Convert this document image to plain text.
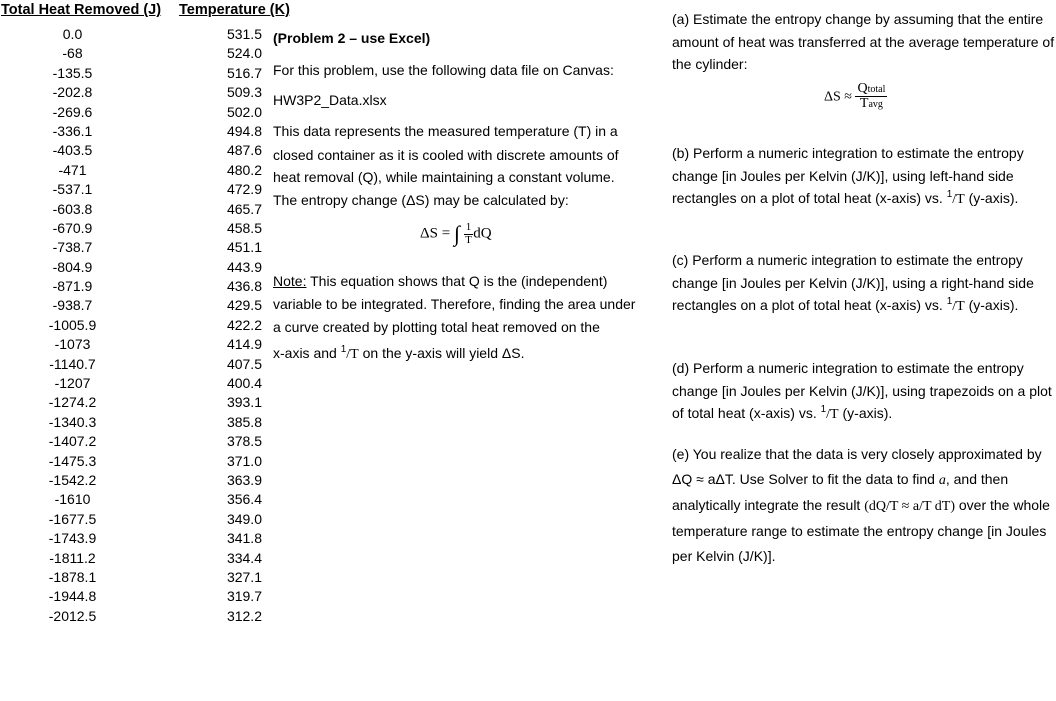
Total Heat Removed (J) Temperature (K)
0.0
-68
-135.5
-202.8
-269.6
-336.1
-403.5
-471
-537.1
-603.8
-670.9
-738.7
-804.9
-871.9
-938.7
-1005.9
-1073
-1140.7
-1207
-1274.2
-1340.3
-1407.2
-1475.3
-1542.2
-1610
-1677.5
-1743.9
-1811.2
-1878.1
-1944.8
-2012.5
531.5
524.0
516.7
509.3
502.0
494.8
487.6
480.2
472.9
465.7
458.5
451.1
443.9
436.8
429.5
422.2
414.9
407.5
400.4
393.1
385.8
378.5
371.0
363.9
356.4
349.0
341.8
334.4
327.1
319.7
312.2
(Problem 2 – use Excel)
For this problem, use the following data file on Canvas:
HW3P2_Data.xlsx
This data represents the measured temperature (T) in a
closed container as it is cooled with discrete amounts of
heat removal (Q), while maintaining a constant volume.
The entropy change (ΔS) may be calculated by:
ΔS = ∫ $\frac{1}{T}$ dQ
Note: This equation shows that Q is the (independent)
variable to be integrated. Therefore, finding the area under
a curve created by plotting total heat removed on the
x-axis and $^1$/T on the y-axis will yield ΔS.

(a) Estimate the entropy change by assuming that the entire amount of heat was transferred at the average temperature of the cylinder:

$\Delta S \approx \frac{\text{Qtotal}}{\text{Tavg}}$

(b) Perform a numeric integration to estimate the entropy change [in Joules per Kelvin (J/K)], using left-hand side rectangles on a plot of total heat (x-axis) vs. $^1$/T (y-axis).

(c) Perform a numeric integration to estimate the entropy change [in Joules per Kelvin (J/K)], using a right-hand side rectangles on a plot of total heat (x-axis) vs. $^1$/T (y-axis).

(d) Perform a numeric integration to estimate the entropy change [in Joules per Kelvin (J/K)], using trapezoids on a plot of total heat (x-axis) vs. $^1$/T (y-axis).

(e) You realize that the data is very closely approximated by ΔQ ≈ aΔT. Use Solver to fit the data to find a, and then analytically integrate the result (dQ/T ≈ a/T dT) over the whole temperature range to estimate the entropy change [in Joules per Kelvin (J/K)].
